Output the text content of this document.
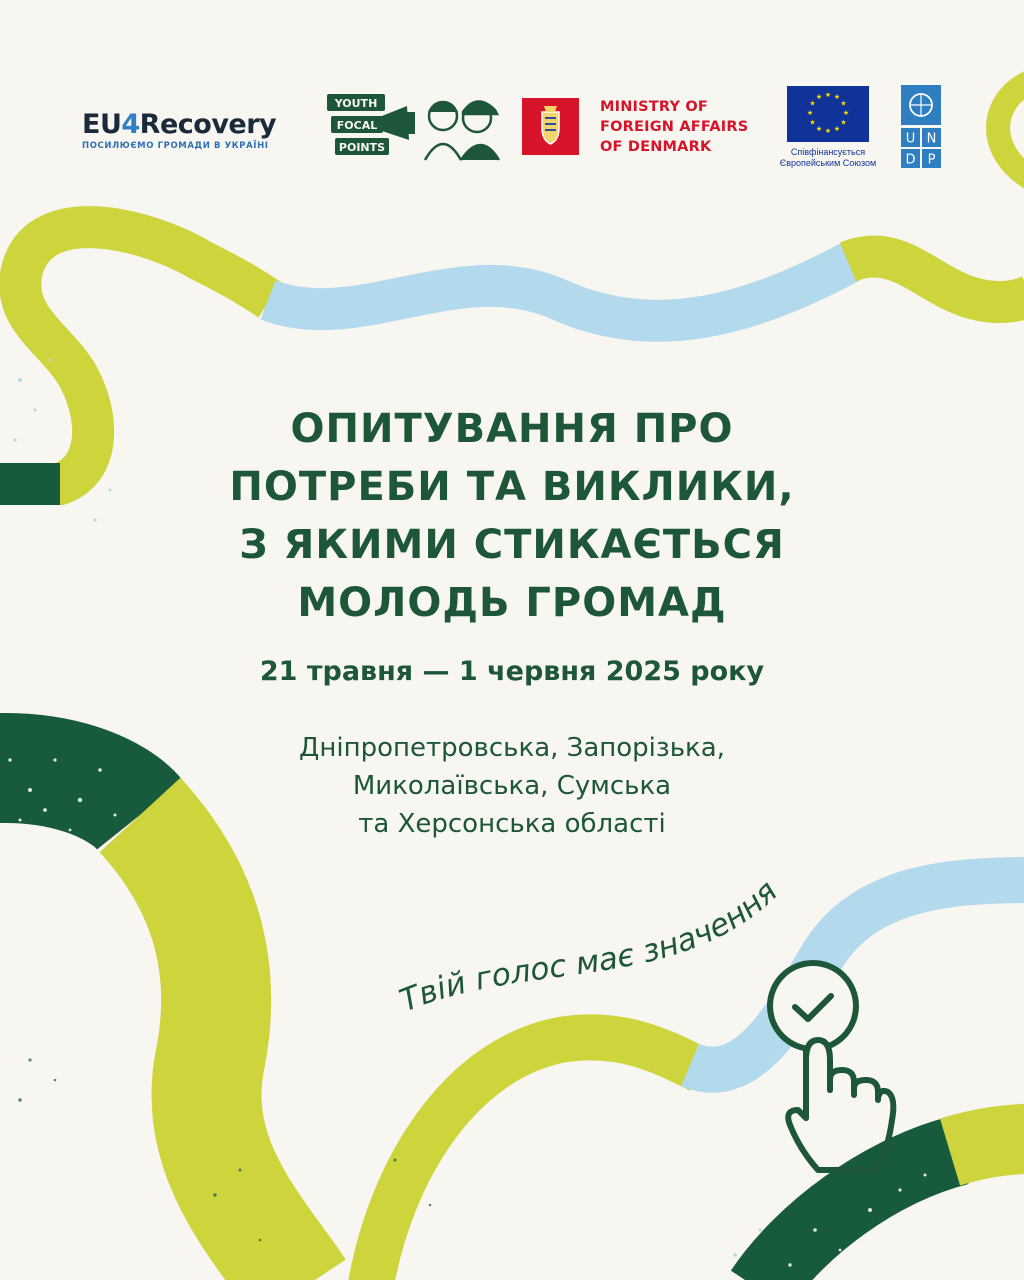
EU4Recovery
ПОСИЛЮЄМО ГРОМАДИ В УКРАЇНІ
YOUTH
FOCAL
POINTS
MINISTRY OF
FOREIGN AFFAIRS
OF DENMARK
★ ★
★
★
★
★
★
★
★
★
★
★
Співфінансується
Європейським Союзом
U N
D P
ОПИТУВАННЯ ПРО
ПОТРЕБИ ТА ВИКЛИКИ,
З ЯКИМИ СТИКАЄТЬСЯ
МОЛОДЬ ГРОМАД
21 травня — 1 червня 2025 року
Дніпропетровська, Запорізька,
Миколаївська, Сумська
та Херсонська області
Твій голос має значення
